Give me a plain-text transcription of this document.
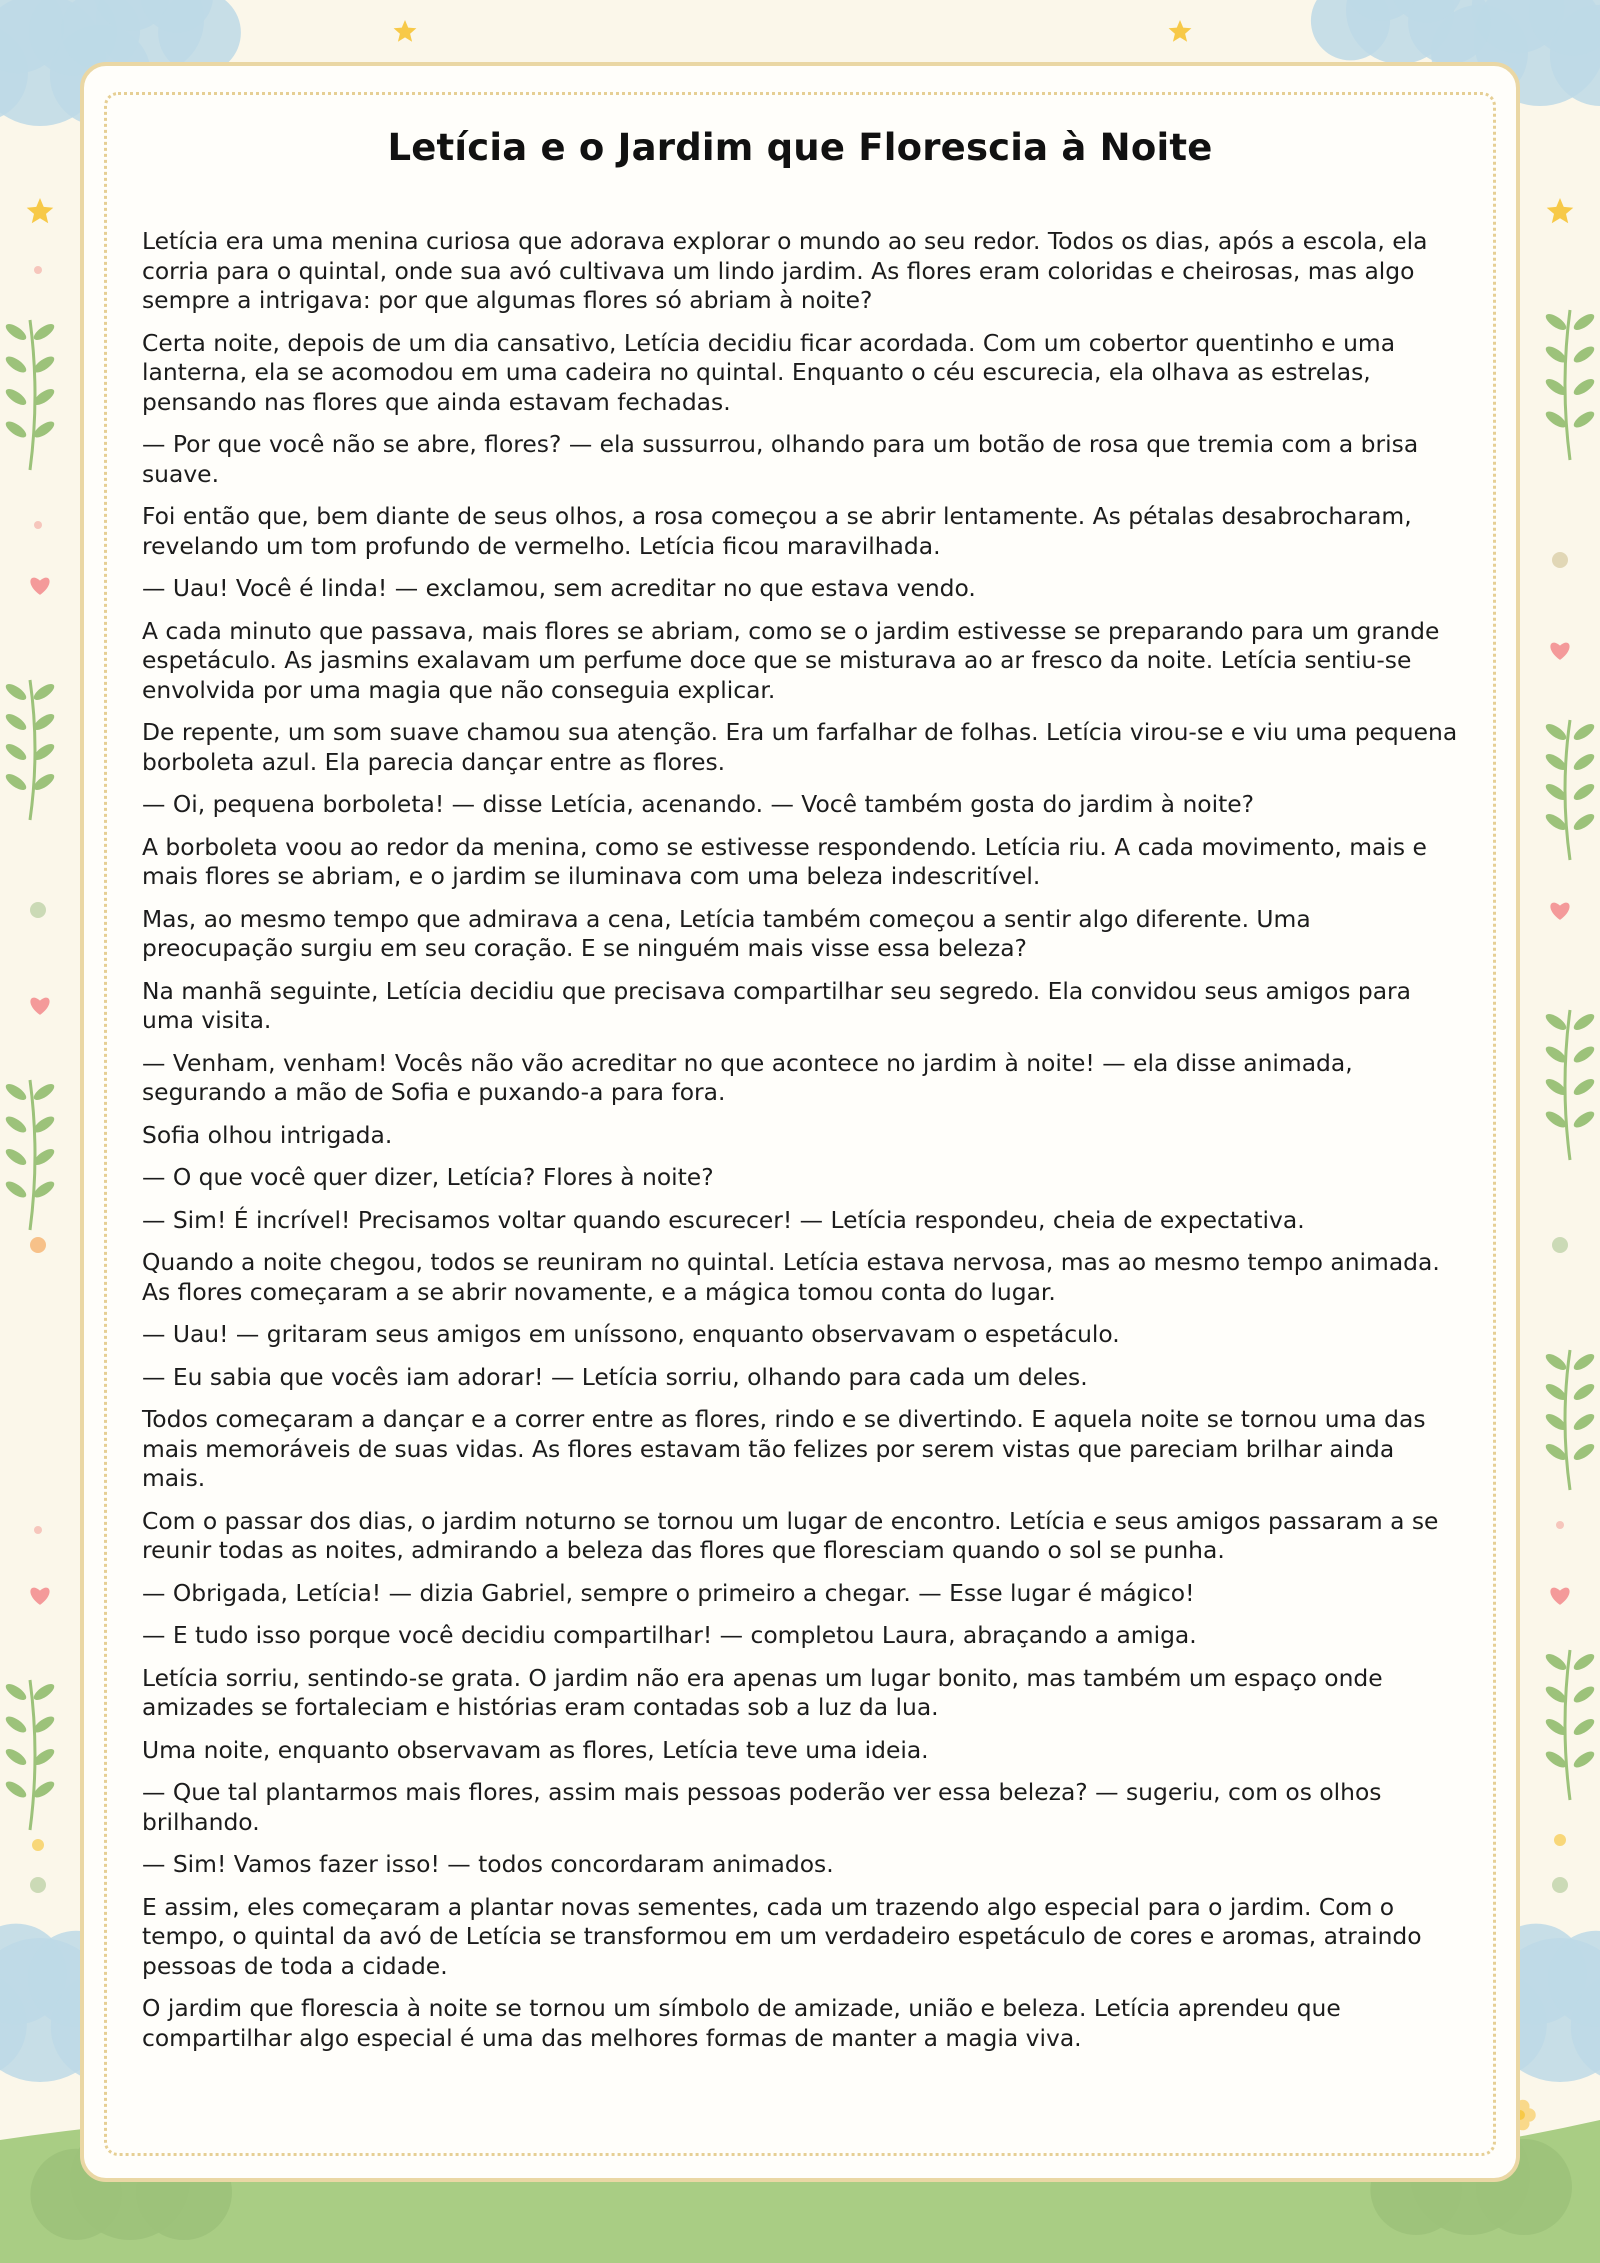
Letícia e o Jardim que Florescia à Noite

Letícia era uma menina curiosa que adorava explorar o mundo ao seu redor. Todos os dias, após a escola, ela corria para o quintal, onde sua avó cultivava um lindo jardim. As flores eram coloridas e cheirosas, mas algo sempre a intrigava: por que algumas flores só abriam à noite?

Certa noite, depois de um dia cansativo, Letícia decidiu ficar acordada. Com um cobertor quentinho e uma lanterna, ela se acomodou em uma cadeira no quintal. Enquanto o céu escurecia, ela olhava as estrelas, pensando nas flores que ainda estavam fechadas.

— Por que você não se abre, flores? — ela sussurrou, olhando para um botão de rosa que tremia com a brisa suave.

Foi então que, bem diante de seus olhos, a rosa começou a se abrir lentamente. As pétalas desabrocharam, revelando um tom profundo de vermelho. Letícia ficou maravilhada.

— Uau! Você é linda! — exclamou, sem acreditar no que estava vendo.

A cada minuto que passava, mais flores se abriam, como se o jardim estivesse se preparando para um grande espetáculo. As jasmins exalavam um perfume doce que se misturava ao ar fresco da noite. Letícia sentiu-se envolvida por uma magia que não conseguia explicar.

De repente, um som suave chamou sua atenção. Era um farfalhar de folhas. Letícia virou-se e viu uma pequena borboleta azul. Ela parecia dançar entre as flores.

— Oi, pequena borboleta! — disse Letícia, acenando. — Você também gosta do jardim à noite?

A borboleta voou ao redor da menina, como se estivesse respondendo. Letícia riu. A cada movimento, mais e mais flores se abriam, e o jardim se iluminava com uma beleza indescritível.

Mas, ao mesmo tempo que admirava a cena, Letícia também começou a sentir algo diferente. Uma preocupação surgiu em seu coração. E se ninguém mais visse essa beleza?

Na manhã seguinte, Letícia decidiu que precisava compartilhar seu segredo. Ela convidou seus amigos para uma visita.

— Venham, venham! Vocês não vão acreditar no que acontece no jardim à noite! — ela disse animada, segurando a mão de Sofia e puxando-a para fora.

Sofia olhou intrigada.

— O que você quer dizer, Letícia? Flores à noite?

— Sim! É incrível! Precisamos voltar quando escurecer! — Letícia respondeu, cheia de expectativa.

Quando a noite chegou, todos se reuniram no quintal. Letícia estava nervosa, mas ao mesmo tempo animada. As flores começaram a se abrir novamente, e a mágica tomou conta do lugar.

— Uau! — gritaram seus amigos em uníssono, enquanto observavam o espetáculo.

— Eu sabia que vocês iam adorar! — Letícia sorriu, olhando para cada um deles.

Todos começaram a dançar e a correr entre as flores, rindo e se divertindo. E aquela noite se tornou uma das mais memoráveis de suas vidas. As flores estavam tão felizes por serem vistas que pareciam brilhar ainda mais.

Com o passar dos dias, o jardim noturno se tornou um lugar de encontro. Letícia e seus amigos passaram a se reunir todas as noites, admirando a beleza das flores que floresciam quando o sol se punha.

— Obrigada, Letícia! — dizia Gabriel, sempre o primeiro a chegar. — Esse lugar é mágico!

— E tudo isso porque você decidiu compartilhar! — completou Laura, abraçando a amiga.

Letícia sorriu, sentindo-se grata. O jardim não era apenas um lugar bonito, mas também um espaço onde amizades se fortaleciam e histórias eram contadas sob a luz da lua.

Uma noite, enquanto observavam as flores, Letícia teve uma ideia.

— Que tal plantarmos mais flores, assim mais pessoas poderão ver essa beleza? — sugeriu, com os olhos brilhando.

— Sim! Vamos fazer isso! — todos concordaram animados.

E assim, eles começaram a plantar novas sementes, cada um trazendo algo especial para o jardim. Com o tempo, o quintal da avó de Letícia se transformou em um verdadeiro espetáculo de cores e aromas, atraindo pessoas de toda a cidade.

O jardim que florescia à noite se tornou um símbolo de amizade, união e beleza. Letícia aprendeu que compartilhar algo especial é uma das melhores formas de manter a magia viva.
